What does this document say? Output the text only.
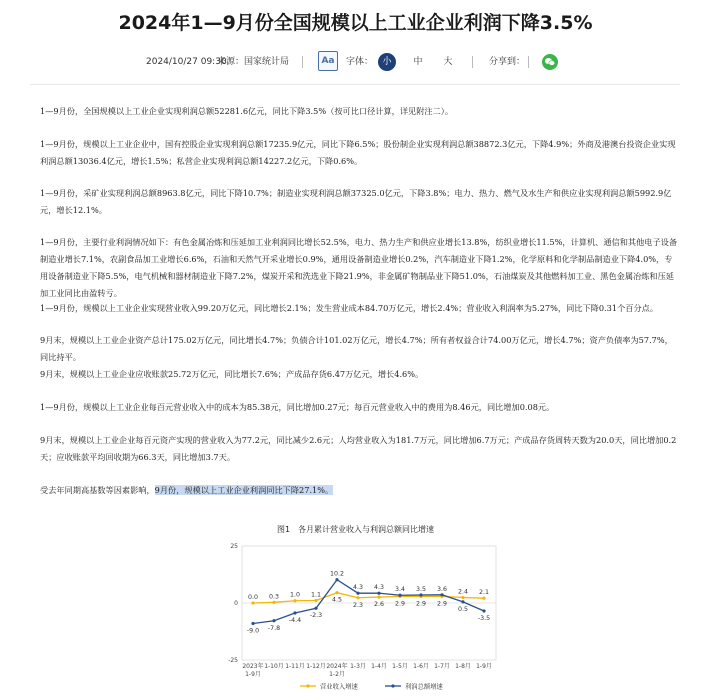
2024年1—9月份全国规模以上工业企业利润下降3.5%
2024/10/27 09:30
来源：国家统计局	Aa	字体：	小	中 大	分享到：
1—9月份，全国规模以上工业企业实现利润总额52281.6亿元，同比下降3.5%（按可比口径计算，详见附注二）。
1—9月份，规模以上工业企业中，国有控股企业实现利润总额17235.9亿元，同比下降6.5%；股份制企业实现利润总额38872.3亿元，下降4.9%；外商及港澳台投资企业实现利润总额13036.4亿元，增长1.5%；私营企业实现利润总额14227.2亿元，下降0.6%。
1—9月份，采矿业实现利润总额8963.8亿元，同比下降10.7%；制造业实现利润总额37325.0亿元，下降3.8%；电力、热力、燃气及水生产和供应业实现利润总额5992.9亿元，增长12.1%。
1—9月份，主要行业利润情况如下：有色金属冶炼和压延加工业利润同比增长52.5%，电力、热力生产和供应业增长13.8%，纺织业增长11.5%，计算机、通信和其他电子设备制造业增长7.1%，农副食品加工业增长6.6%，石油和天然气开采业增长0.9%，通用设备制造业增长0.2%，汽车制造业下降1.2%，化学原料和化学制品制造业下降4.0%，专用设备制造业下降5.5%，电气机械和器材制造业下降7.2%，煤炭开采和洗选业下降21.9%，非金属矿物制品业下降51.0%，石油煤炭及其他燃料加工业、黑色金属冶炼和压延加工业同比由盈转亏。
1—9月份，规模以上工业企业实现营业收入99.20万亿元，同比增长2.1%；发生营业成本84.70万亿元，增长2.4%；营业收入利润率为5.27%，同比下降0.31个百分点。
9月末，规模以上工业企业资产总计175.02万亿元，同比增长4.7%；负债合计101.02万亿元，增长4.7%；所有者权益合计74.00万亿元，增长4.7%；资产负债率为57.7%，同比持平。
9月末，规模以上工业企业应收账款25.72万亿元，同比增长7.6%；产成品存货6.47万亿元，增长4.6%。
1—9月份，规模以上工业企业每百元营业收入中的成本为85.38元，同比增加0.27元；每百元营业收入中的费用为8.46元，同比增加0.08元。
9月末，规模以上工业企业每百元资产实现的营业收入为77.2元，同比减少2.6元；人均营业收入为181.7万元，同比增加6.7万元；产成品存货周转天数为20.0天，同比增加0.2天；应收账款平均回收期为66.3天，同比增加3.7天。
受去年同期高基数等因素影响，9月份，规模以上工业企业利润同比下降27.1%。
图1　各月累计营业收入与利润总额同比增速
25
0
-25
2023年 1-9月
1-10月 1-11月 1-12月 2024年 1-2月
1-3月 1-4月 1-5月 1-6月 1-7月 1-8月 1-9月
0.0 0.3 1.0 1.1
4.5
2.3 2.6 2.9 2.9 2.9
2.4 2.1
-9.0 -7.8
-4.4
-2.3
10.2
4.3 4.3 3.4 3.5 3.6
0.5
-3.5
营业收入增速	利润总额增速
